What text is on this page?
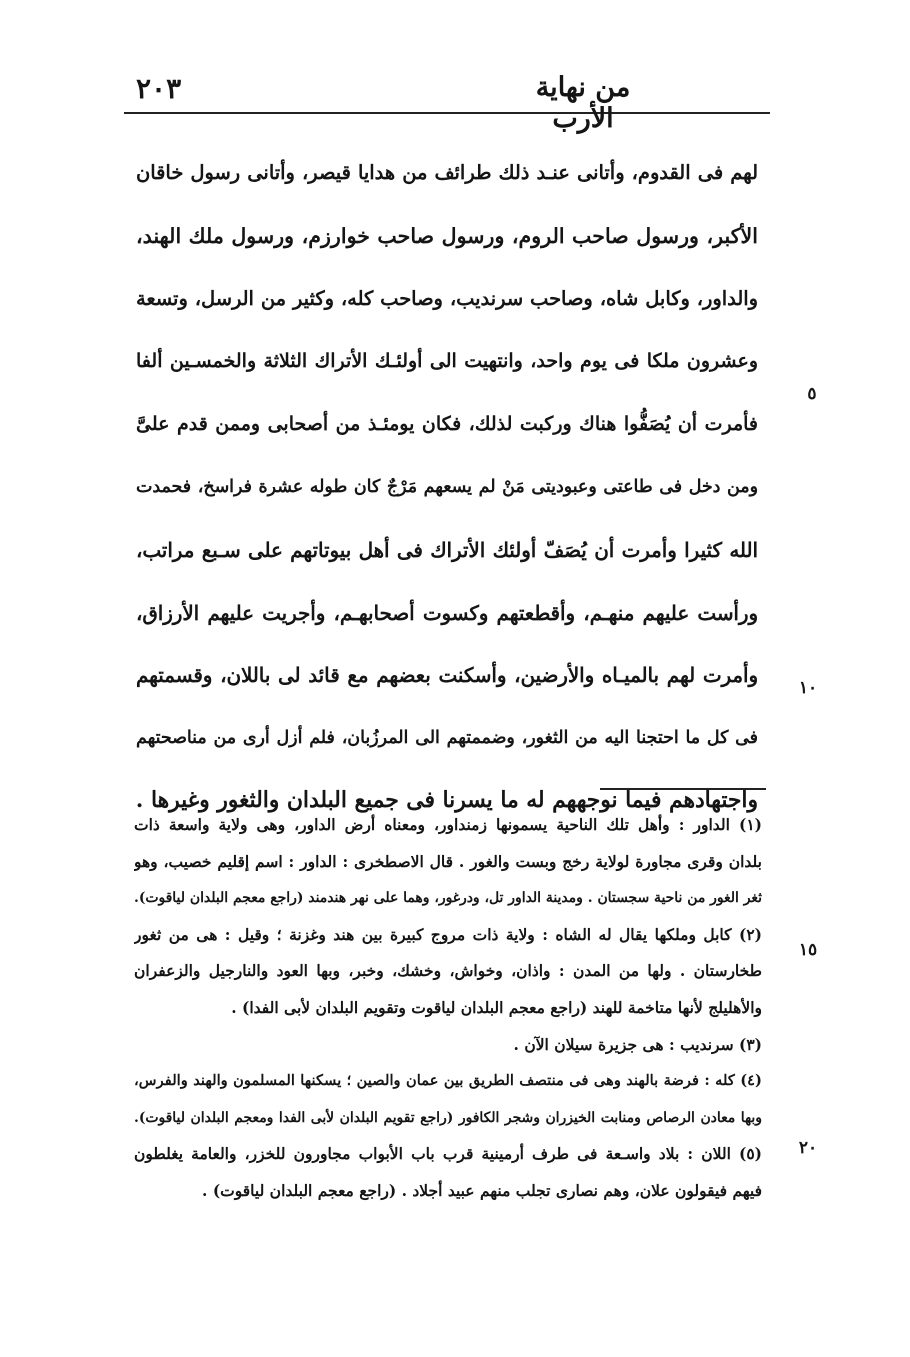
٢٠٣	من نهاية الأرب
لهم فى القدوم، وأتانى عنـد ذلك طرائف من هدايا قيصر، وأتانى رسول خاقان
الأكبر، ورسول صاحب الروم، ورسول صاحب خوارزم، ورسول ملك الهند،
والداور، وكابل شاه، وصاحب سرنديب، وصاحب كله، وكثير من الرسل، وتسعة
وعشرون ملكا فى يوم واحد، وانتهيت الى أولئـك الأتراك الثلاثة والخمسـين ألفا
فأمرت أن يُصَفُّوا هناك وركبت لذلك، فكان يومئـذ من أصحابى وممن قدم علىَّ
ومن دخل فى طاعتى وعبوديتى مَنْ لم يسعهم مَرْجٌ كان طوله عشرة فراسخ، فحمدت
الله كثيرا وأمرت أن يُصَفّ أولئك الأتراك فى أهل بيوتاتهم على سـبع مراتب،
ورأست عليهم منهـم، وأقطعتهم وكسوت أصحابهـم، وأجريت عليهم الأرزاق،
وأمرت لهم بالميـاه والأرضين، وأسكنت بعضهم مع قائد لى باللان، وقسمتهم
فى كل ما احتجنا اليه من الثغور، وضممتهم الى المرزُبان، فلم أزل أرى من مناصحتهم
واجتهادهم فيما نوجههم له ما يسرنا فى جميع البلدان والثغور وغيرها .
٥
١٠
١٥
٢٠
(١) الداور : وأهل تلك الناحية يسمونها زمنداور، ومعناه أرض الداور، وهى ولاية واسعة ذات
بلدان وقرى مجاورة لولاية رخج وبست والغور . قال الاصطخرى : الداور : اسم إقليم خصيب، وهو
ثغر الغور من ناحية سجستان . ومدينة الداور تل، ودرغور، وهما على نهر هندمند (راجع معجم البلدان لياقوت).
(٢) كابل وملكها يقال له الشاه : ولاية ذات مروج كبيرة بين هند وغزنة ؛ وقيل : هى من ثغور
طخارستان . ولها من المدن : واذان، وخواش، وخشك، وخبر، وبها العود والنارجيل والزعفران
والأهليلج لأنها متاخمة للهند (راجع معجم البلدان لياقوت وتقويم البلدان لأبى الفدا) .
(٣) سرنديب : هى جزيرة سيلان الآن .
(٤) كله : فرضة بالهند وهى فى منتصف الطريق بين عمان والصين ؛ يسكنها المسلمون والهند والفرس،
وبها معادن الرصاص ومنابت الخيزران وشجر الكافور (راجع تقويم البلدان لأبى الفدا ومعجم البلدان لياقوت).
(٥) اللان : بلاد واسـعة فى طرف أرمينية قرب باب الأبواب مجاورون للخزر، والعامة يغلطون
فيهم فيقولون علان، وهم نصارى تجلب منهم عبيد أجلاد . (راجع معجم البلدان لياقوت) .
